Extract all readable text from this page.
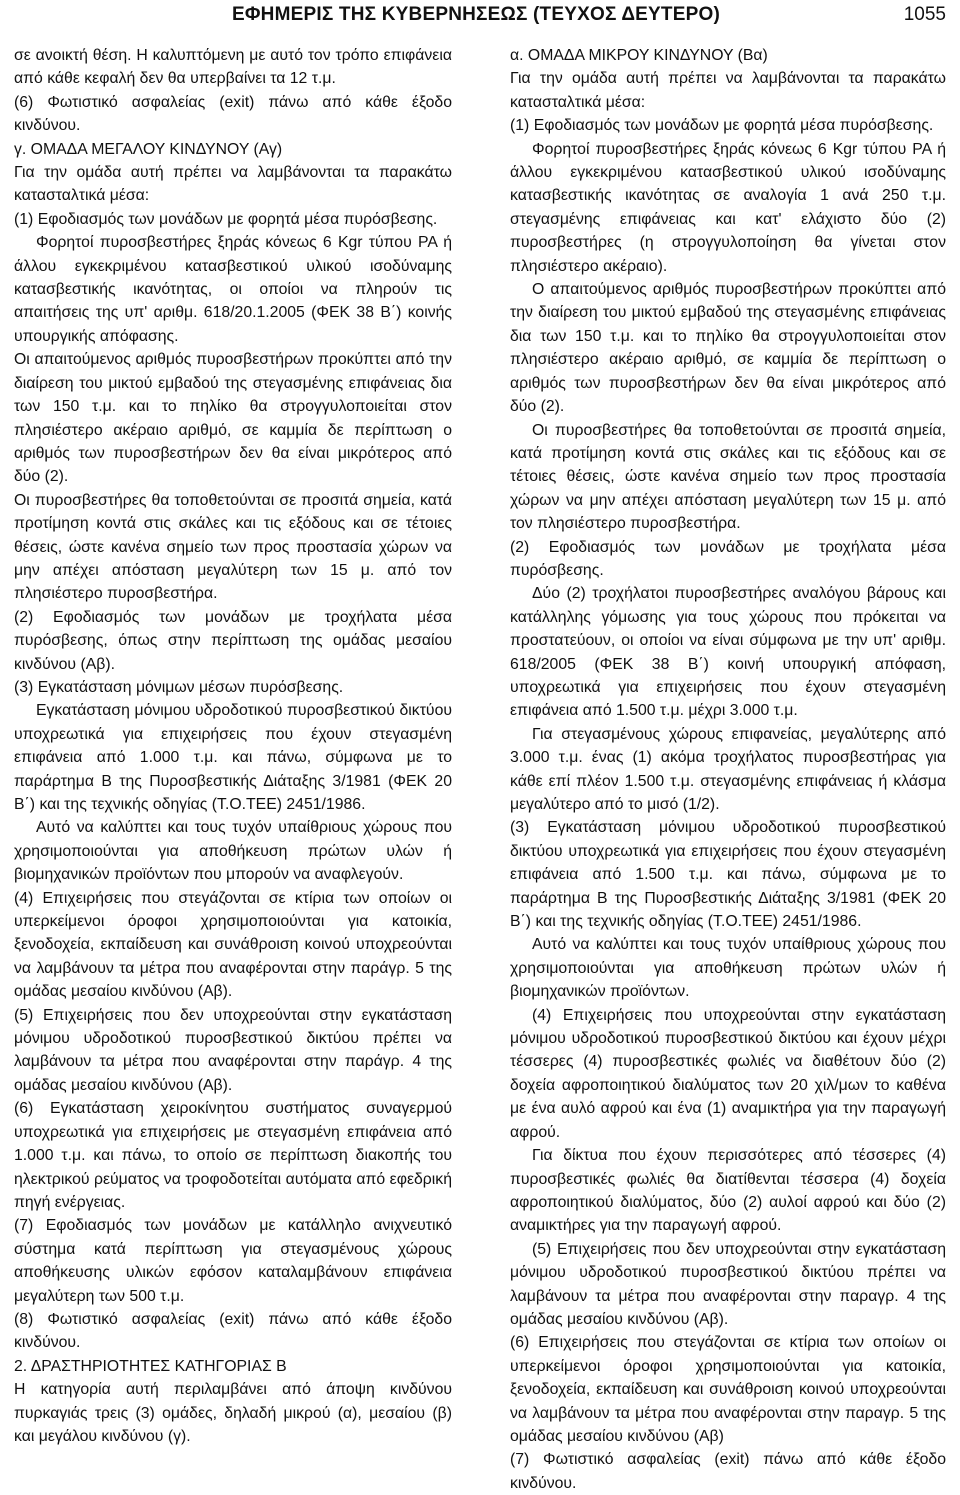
ΕΦΗΜΕΡΙΣ ΤΗΣ ΚΥΒΕΡΝΗΣΕΩΣ (ΤΕΥΧΟΣ ΔΕΥΤΕΡΟ)	1055

σε ανοικτή θέση. Η καλυπτόμενη με αυτό τον τρόπο επιφάνεια από κάθε κεφαλή δεν θα υπερβαίνει τα 12 τ.μ.

(6) Φωτιστικό ασφαλείας (exit) πάνω από κάθε έξοδο κινδύνου.

γ. ΟΜΑΔΑ ΜΕΓΑΛΟΥ ΚΙΝΔΥΝΟΥ (Αγ)

Για την ομάδα αυτή πρέπει να λαμβάνονται τα παρακάτω κατασταλτικά μέσα:

(1) Εφοδιασμός των μονάδων με φορητά μέσα πυρόσβεσης.

Φορητοί πυροσβεστήρες ξηράς κόνεως 6 Kgr τύπου ΡΑ ή άλλου εγκεκριμένου κατασβεστικού υλικού ισοδύναμης κατασβεστικής ικανότητας, οι οποίοι να πληρούν τις απαιτήσεις της υπ' αριθμ. 618/20.1.2005 (ΦΕΚ 38 Β΄) κοινής υπουργικής απόφασης.

Οι απαιτούμενος αριθμός πυροσβεστήρων προκύπτει από την διαίρεση του μικτού εμβαδού της στεγασμένης επιφάνειας δια των 150 τ.μ. και το πηλίκο θα στρογγυλοποιείται στον πλησιέστερο ακέραιο αριθμό, σε καμμία δε περίπτωση ο αριθμός των πυροσβεστήρων δεν θα είναι μικρότερος από δύο (2).

Οι πυροσβεστήρες θα τοποθετούνται σε προσιτά σημεία, κατά προτίμηση κοντά στις σκάλες και τις εξόδους και σε τέτοιες θέσεις, ώστε κανένα σημείο των προς προστασία χώρων να μην απέχει απόσταση μεγαλύτερη των 15 μ. από τον πλησιέστερο πυροσβεστήρα.

(2) Εφοδιασμός των μονάδων με τροχήλατα μέσα πυρόσβεσης, όπως στην περίπτωση της ομάδας μεσαίου κινδύνου (Αβ).

(3) Εγκατάσταση μόνιμων μέσων πυρόσβεσης.

Εγκατάσταση μόνιμου υδροδοτικού πυροσβεστικού δικτύου υποχρεωτικά για επιχειρήσεις που έχουν στεγασμένη επιφάνεια από 1.000 τ.μ. και πάνω, σύμφωνα με το παράρτημα Β της Πυροσβεστικής Διάταξης 3/1981 (ΦΕΚ 20 Β΄) και της τεχνικής οδηγίας (Τ.Ο.ΤΕΕ) 2451/1986.

Αυτό να καλύπτει και τους τυχόν υπαίθριους χώρους που χρησιμοποιούνται για αποθήκευση πρώτων υλών ή βιομηχανικών προϊόντων που μπορούν να αναφλεγούν.

(4) Επιχειρήσεις που στεγάζονται σε κτίρια των οποίων οι υπερκείμενοι όροφοι χρησιμοποιούνται για κατοικία, ξενοδοχεία, εκπαίδευση και συνάθροιση κοινού υποχρεούνται να λαμβάνουν τα μέτρα που αναφέρονται στην παράγρ. 5 της ομάδας μεσαίου κινδύνου (Αβ).

(5) Επιχειρήσεις που δεν υποχρεούνται στην εγκατάσταση μόνιμου υδροδοτικού πυροσβεστικού δικτύου πρέπει να λαμβάνουν τα μέτρα που αναφέρονται στην παράγρ. 4 της ομάδας μεσαίου κινδύνου (Αβ).

(6) Εγκατάσταση χειροκίνητου συστήματος συναγερμού υποχρεωτικά για επιχειρήσεις με στεγασμένη επιφάνεια από 1.000 τ.μ. και πάνω, το οποίο σε περίπτωση διακοπής του ηλεκτρικού ρεύματος να τροφοδοτείται αυτόματα από εφεδρική πηγή ενέργειας.

(7) Εφοδιασμός των μονάδων με κατάλληλο ανιχνευτικό σύστημα κατά περίπτωση για στεγασμένους χώρους αποθήκευσης υλικών εφόσον καταλαμβάνουν επιφάνεια μεγαλύτερη των 500 τ.μ.

(8) Φωτιστικό ασφαλείας (exit) πάνω από κάθε έξοδο κινδύνου.

2. ΔΡΑΣΤΗΡΙΟΤΗΤΕΣ ΚΑΤΗΓΟΡΙΑΣ Β

Η κατηγορία αυτή περιλαμβάνει από άποψη κινδύνου πυρκαγιάς τρεις (3) ομάδες, δηλαδή μικρού (α), μεσαίου (β) και μεγάλου κινδύνου (γ).

α. ΟΜΑΔΑ ΜΙΚΡΟΥ ΚΙΝΔΥΝΟΥ (Βα)

Για την ομάδα αυτή πρέπει να λαμβάνονται τα παρακάτω κατασταλτικά μέσα:

(1) Εφοδιασμός των μονάδων με φορητά μέσα πυρόσβεσης.

Φορητοί πυροσβεστήρες ξηράς κόνεως 6 Kgr τύπου ΡΑ ή άλλου εγκεκριμένου κατασβεστικού υλικού ισοδύναμης κατασβεστικής ικανότητας σε αναλογία 1 ανά 250 τ.μ. στεγασμένης επιφάνειας και κατ' ελάχιστο δύο (2) πυροσβεστήρες (η στρογγυλοποίηση θα γίνεται στον πλησιέστερο ακέραιο).

Ο απαιτούμενος αριθμός πυροσβεστήρων προκύπτει από την διαίρεση του μικτού εμβαδού της στεγασμένης επιφάνειας δια των 150 τ.μ. και το πηλίκο θα στρογγυλοποιείται στον πλησιέστερο ακέραιο αριθμό, σε καμμία δε περίπτωση ο αριθμός των πυροσβεστήρων δεν θα είναι μικρότερος από δύο (2).

Οι πυροσβεστήρες θα τοποθετούνται σε προσιτά σημεία, κατά προτίμηση κοντά στις σκάλες και τις εξόδους και σε τέτοιες θέσεις, ώστε κανένα σημείο των προς προστασία χώρων να μην απέχει απόσταση μεγαλύτερη των 15 μ. από τον πλησιέστερο πυροσβεστήρα.

(2) Εφοδιασμός των μονάδων με τροχήλατα μέσα πυρόσβεσης.

Δύο (2) τροχήλατοι πυροσβεστήρες αναλόγου βάρους και κατάλληλης γόμωσης για τους χώρους που πρόκειται να προστατεύουν, οι οποίοι να είναι σύμφωνα με την υπ' αριθμ. 618/2005 (ΦΕΚ 38 Β΄) κοινή υπουργική απόφαση, υποχρεωτικά για επιχειρήσεις που έχουν στεγασμένη επιφάνεια από 1.500 τ.μ. μέχρι 3.000 τ.μ.

Για στεγασμένους χώρους επιφανείας, μεγαλύτερης από 3.000 τ.μ. ένας (1) ακόμα τροχήλατος πυροσβεστήρας για κάθε επί πλέον 1.500 τ.μ. στεγασμένης επιφάνειας ή κλάσμα μεγαλύτερο από το μισό (1/2).

(3) Εγκατάσταση μόνιμου υδροδοτικού πυροσβεστικού δικτύου υποχρεωτικά για επιχειρήσεις που έχουν στεγασμένη επιφάνεια από 1.500 τ.μ. και πάνω, σύμφωνα με το παράρτημα Β της Πυροσβεστικής Διάταξης 3/1981 (ΦΕΚ 20 Β΄) και της τεχνικής οδηγίας (Τ.Ο.ΤΕΕ) 2451/1986.

Αυτό να καλύπτει και τους τυχόν υπαίθριους χώρους που χρησιμοποιούνται για αποθήκευση πρώτων υλών ή βιομηχανικών προϊόντων.

(4) Επιχειρήσεις που υποχρεούνται στην εγκατάσταση μόνιμου υδροδοτικού πυροσβεστικού δικτύου και έχουν μέχρι τέσσερες (4) πυροσβεστικές φωλιές να διαθέτουν δύο (2) δοχεία αφροποιητικού διαλύματος των 20 χιλ/μων το καθένα με ένα αυλό αφρού και ένα (1) αναμικτήρα για την παραγωγή αφρού.

Για δίκτυα που έχουν περισσότερες από τέσσερες (4) πυροσβεστικές φωλιές θα διατίθενται τέσσερα (4) δοχεία αφροποιητικού διαλύματος, δύο (2) αυλοί αφρού και δύο (2) αναμικτήρες για την παραγωγή αφρού.

(5) Επιχειρήσεις που δεν υποχρεούνται στην εγκατάσταση μόνιμου υδροδοτικού πυροσβεστικού δικτύου πρέπει να λαμβάνουν τα μέτρα που αναφέρονται στην παραγρ. 4 της ομάδας μεσαίου κινδύνου (Αβ).

(6) Επιχειρήσεις που στεγάζονται σε κτίρια των οποίων οι υπερκείμενοι όροφοι χρησιμοποιούνται για κατοικία, ξενοδοχεία, εκπαίδευση και συνάθροιση κοινού υποχρεούνται να λαμβάνουν τα μέτρα που αναφέρονται στην παραγρ. 5 της ομάδας μεσαίου κινδύνου (Αβ)

(7) Φωτιστικό ασφαλείας (exit) πάνω από κάθε έξοδο κινδύνου.
